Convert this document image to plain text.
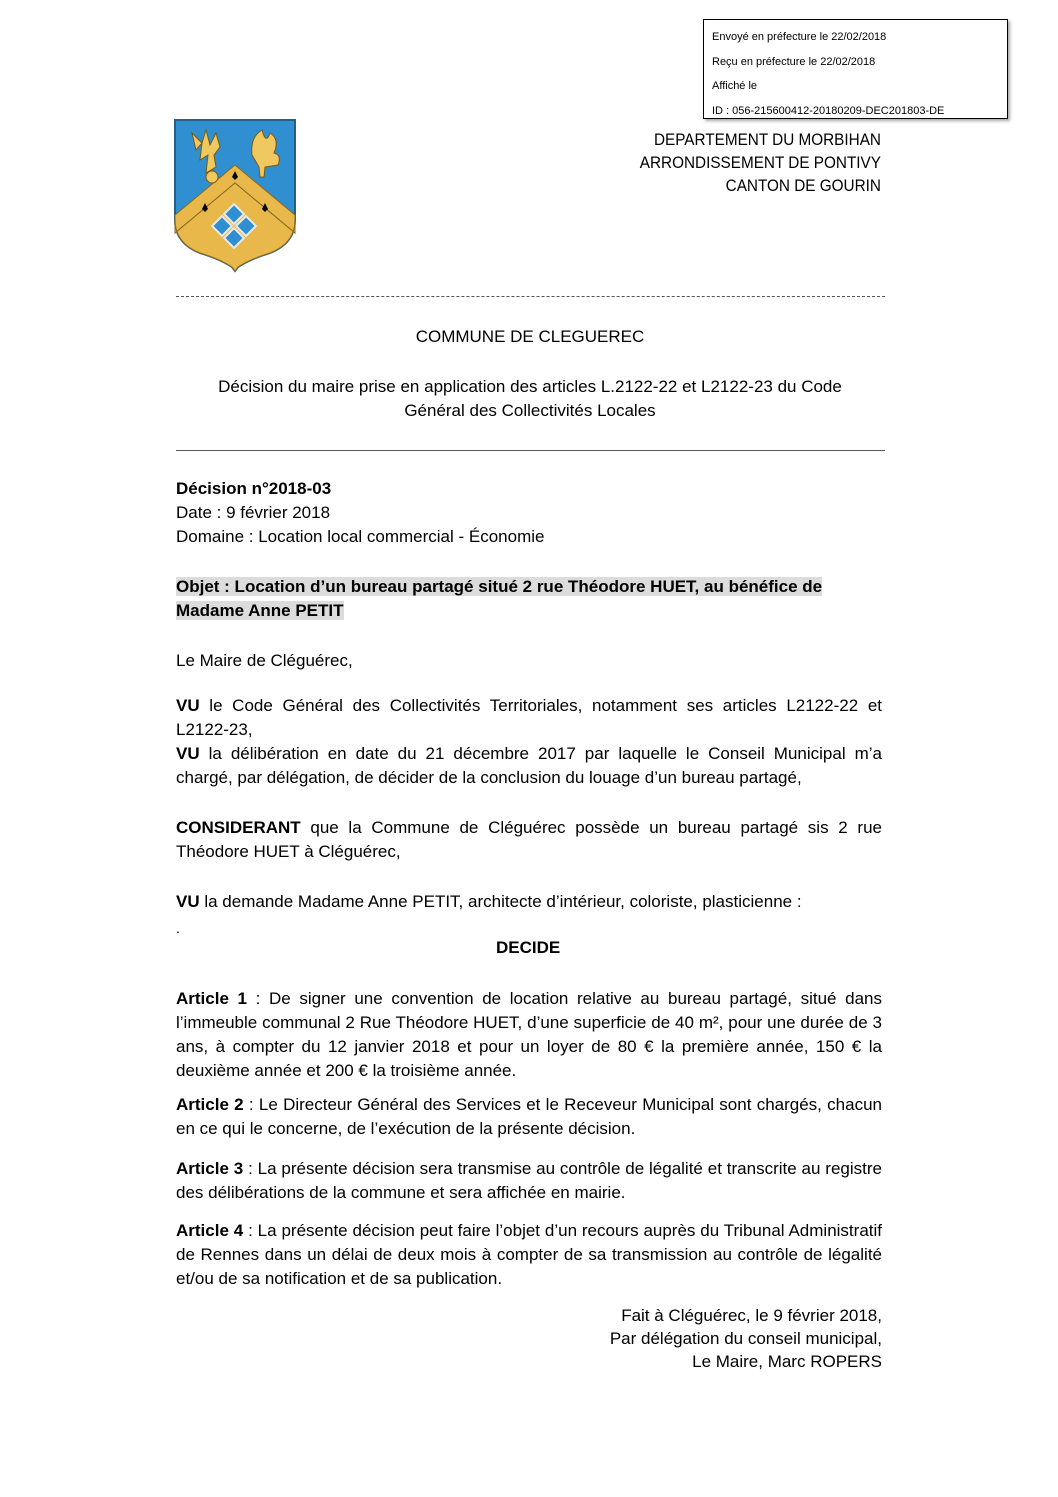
Envoyé en préfecture le 22/02/2018
Reçu en préfecture le 22/02/2018
Affiché le
ID : 056-215600412-20180209-DEC201803-DE
DEPARTEMENT DU MORBIHAN
ARRONDISSEMENT DE PONTIVY
CANTON DE GOURIN
COMMUNE DE CLEGUEREC
Décision du maire prise en application des articles L.2122-22 et L2122-23 du Code
Général des Collectivités Locales
Décision n°2018-03
Date : 9 février 2018
Domaine : Location local commercial - Économie
Objet : Location d’un bureau partagé situé 2 rue Théodore HUET, au bénéfice de
Madame Anne PETIT
Le Maire de Cléguérec,
VU le Code Général des Collectivités Territoriales, notamment ses articles L2122-22 et L2122-23,
VU la délibération en date du 21 décembre 2017 par laquelle le Conseil Municipal m’a chargé, par délégation, de décider de la conclusion du louage d’un bureau partagé,
CONSIDERANT que la Commune de Cléguérec possède un bureau partagé sis 2 rue Théodore HUET à Cléguérec,
VU la demande Madame Anne PETIT, architecte d’intérieur, coloriste, plasticienne :
.
DECIDE
Article 1 : De signer une convention de location relative au bureau partagé, situé dans l’immeuble communal 2 Rue Théodore HUET, d’une superficie de 40 m², pour une durée de 3 ans, à compter du 12 janvier 2018 et pour un loyer de 80 € la première année, 150 € la deuxième année et 200 € la troisième année.
Article 2 : Le Directeur Général des Services et le Receveur Municipal sont chargés, chacun en ce qui le concerne, de l’exécution de la présente décision.
Article 3 : La présente décision sera transmise au contrôle de légalité et transcrite au registre des délibérations de la commune et sera affichée en mairie.
Article 4 : La présente décision peut faire l’objet d’un recours auprès du Tribunal Administratif de Rennes dans un délai de deux mois à compter de sa transmission au contrôle de légalité et/ou de sa notification et de sa publication.
Fait à Cléguérec, le 9 février 2018,
Par délégation du conseil municipal,
Le Maire, Marc ROPERS
